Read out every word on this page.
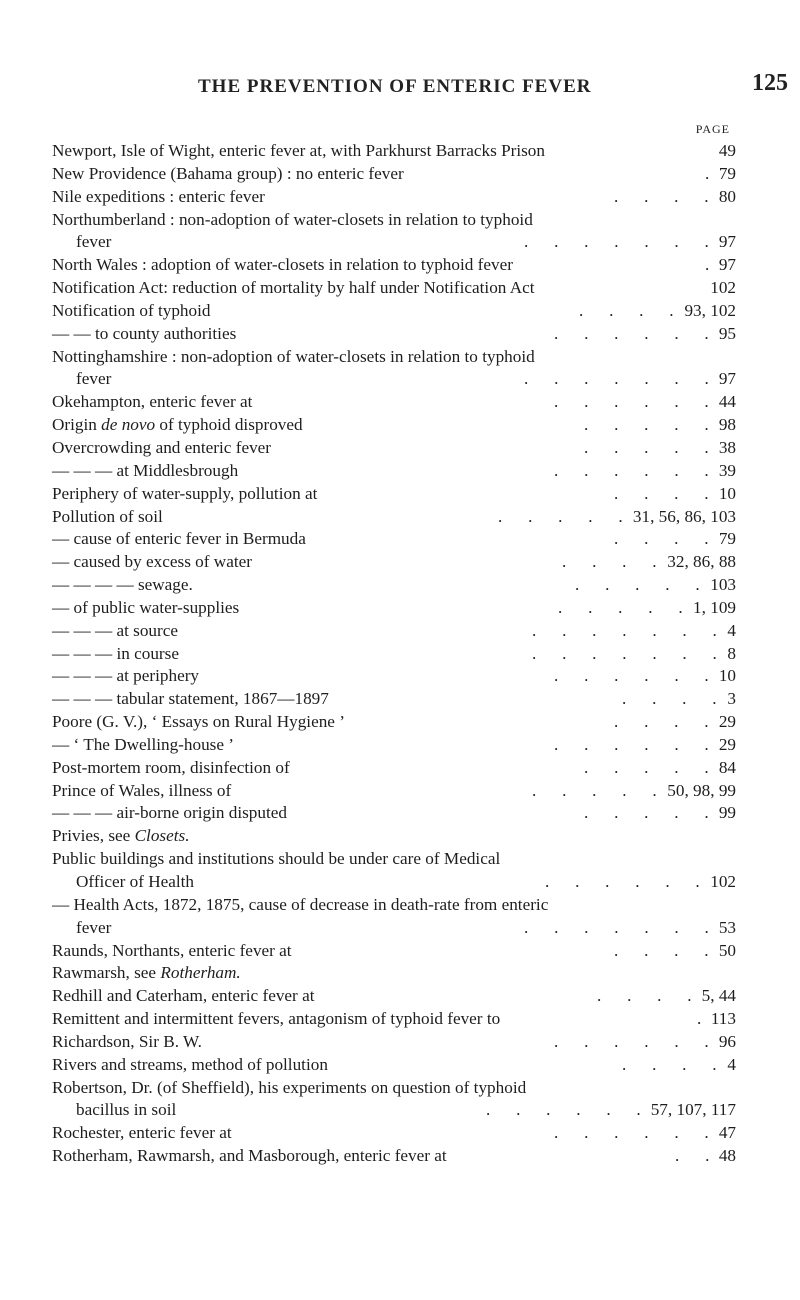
THE PREVENTION OF ENTERIC FEVER	125
PAGE
Newport, Isle of Wight, enteric fever at, with Parkhurst Barracks Prison	49
New Providence (Bahama group) : no enteric fever	. 79
Nile expeditions : enteric fever	.  .  .  . 80
Northumberland : non-adoption of water-closets in relation to typhoid
fever	.  .  .  .  .  .  . 97
North Wales : adoption of water-closets in relation to typhoid fever	. 97
Notification Act: reduction of mortality by half under Notification Act	102
Notification of typhoid	.  .  .  . 93, 102
— — to county authorities	.  .  .  .  .  . 95
Nottinghamshire : non-adoption of water-closets in relation to typhoid
fever	.  .  .  .  .  .  . 97
Okehampton, enteric fever at	.  .  .  .  .  . 44
Origin de novo of typhoid disproved	.  .  .  .  . 98
Overcrowding and enteric fever	.  .  .  .  . 38
— — — at Middlesbrough	.  .  .  .  .  . 39
Periphery of water-supply, pollution at	.  .  .  . 10
Pollution of soil	.  .  .  .  . 31, 56, 86, 103
— cause of enteric fever in Bermuda	.  .  .  . 79
— caused by excess of water	.  .  .  . 32, 86, 88
— — — — sewage.	.  .  .  .  . 103
— of public water-supplies	.  .  .  .  . 1, 109
— — — at source	.  .  .  .  .  .  . 4
— — — in course	.  .  .  .  .  .  . 8
— — — at periphery	.  .  .  .  .  . 10
— — — tabular statement, 1867—1897	.  .  .  . 3
Poore (G. V.), ‘ Essays on Rural Hygiene ’	.  .  .  . 29
— ‘ The Dwelling-house ’	.  .  .  .  .  . 29
Post-mortem room, disinfection of	.  .  .  .  . 84
Prince of Wales, illness of	.  .  .  .  . 50, 98, 99
— — — air-borne origin disputed	.  .  .  .  . 99
Privies, see Closets.
Public buildings and institutions should be under care of Medical
Officer of Health	.  .  .  .  .  . 102
— Health Acts, 1872, 1875, cause of decrease in death-rate from enteric
fever	.  .  .  .  .  .  . 53
Raunds, Northants, enteric fever at	.  .  .  . 50
Rawmarsh, see Rotherham.
Redhill and Caterham, enteric fever at	.  .  .  . 5, 44
Remittent and intermittent fevers, antagonism of typhoid fever to	. 113
Richardson, Sir B. W.	.  .  .  .  .  . 96
Rivers and streams, method of pollution	.  .  .  . 4
Robertson, Dr. (of Sheffield), his experiments on question of typhoid
bacillus in soil	.  .  .  .  .  . 57, 107, 117
Rochester, enteric fever at	.  .  .  .  .  . 47
Rotherham, Rawmarsh, and Masborough, enteric fever at	.  . 48
